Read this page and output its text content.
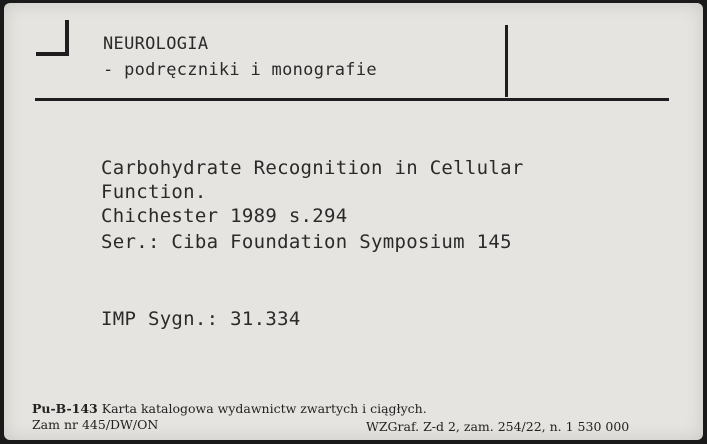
NEUROLOGIA
- podręczniki i monografie
Carbohydrate Recognition in Cellular
Function.
Chichester 1989 s.294
Ser.: Ciba Foundation Symposium 145
IMP Sygn.: 31.334
Pu-B-143 Karta katalogowa wydawnictw zwartych i ciągłych.
Zam nr 445/DW/ON	WZGraf. Z-d 2, zam. 254/22, n. 1 530 000
